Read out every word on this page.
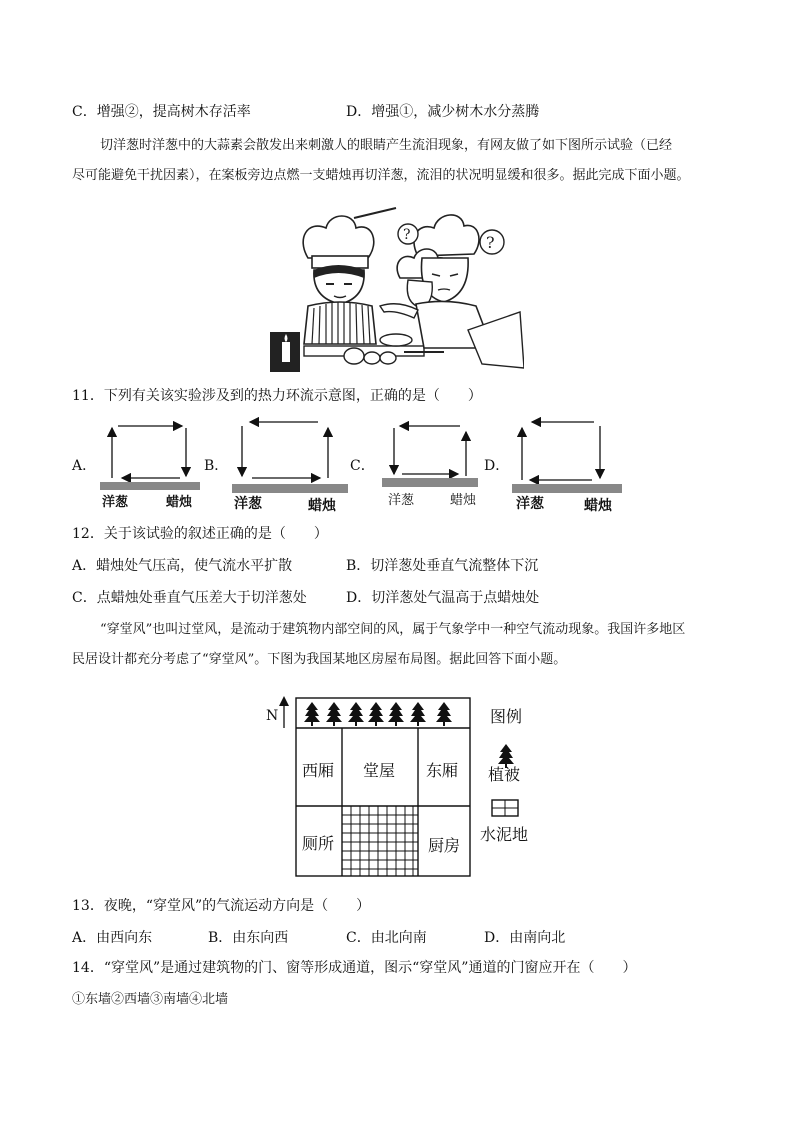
C．增强②，提高树木存活率	D．增强①，减少树木水分蒸腾
切洋葱时洋葱中的大蒜素会散发出来刺激人的眼睛产生流泪现象，有网友做了如下图所示试验（已经
尽可能避免干扰因素），在案板旁边点燃一支蜡烛再切洋葱，流泪的状况明显缓和很多。据此完成下面小题。
?	?
11．下列有关该实验涉及到的热力环流示意图，正确的是（　　）
A．	B．	C．	D．
洋葱	蜡烛	洋葱	蜡烛	洋葱	蜡烛	洋葱	蜡烛
12．关于该试验的叙述正确的是（　　）
A．蜡烛处气压高，使气流水平扩散	B．切洋葱处垂直气流整体下沉
C．点蜡烛处垂直气压差大于切洋葱处	D．切洋葱处气温高于点蜡烛处
“穿堂风”也叫过堂风，是流动于建筑物内部空间的风，属于气象学中一种空气流动现象。我国许多地区
民居设计都充分考虑了“穿堂风”。下图为我国某地区房屋布局图。据此回答下面小题。
N
西厢 堂屋 东厢
厕所	厨房
图例
植被
水泥地
13．夜晚，“穿堂风”的气流运动方向是（　　）
A．由西向东	B．由东向西	C．由北向南	D．由南向北
14．“穿堂风”是通过建筑物的门、窗等形成通道，图示“穿堂风”通道的门窗应开在（　　）
①东墙②西墙③南墙④北墙
